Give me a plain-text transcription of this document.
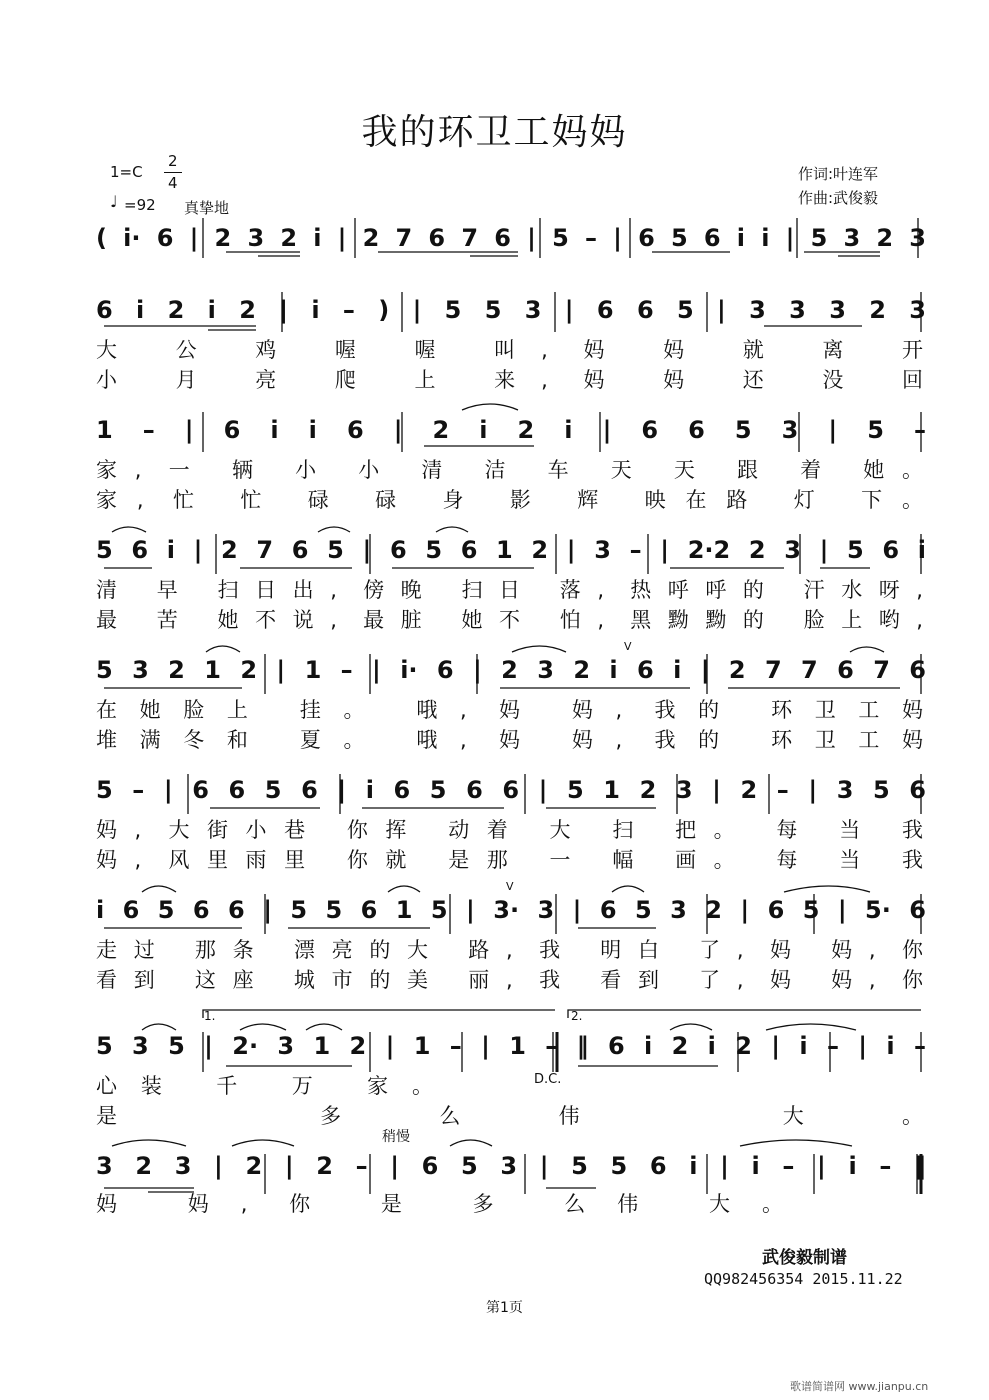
我的环卫工妈妈
1=C
2
4
♩ =92 真挚地
作词:叶连军
作曲:武俊毅
( i· 6 | 2 3 2 i | 2 7 6 7 6 | 5 – | 6 5 6 i i | 5 3 2 3
6 i 2 i 2 | i – ) | 5 5 3 | 6 6 5 | 3 3 3 2 3
大 公 鸡 喔 喔 叫, 妈 妈 就 离 开
小 月 亮 爬 上 来, 妈 妈 还 没 回
1 – | 6 i i 6 | 2 i 2 i | 6 6 5 3 | 5 –
家, 一 辆 小 小 清 洁 车 天 天 跟 着 她。
家, 忙 忙 碌 碌 身 影 辉 映在路 灯 下。
5 6 i | 2 7 6 5 | 6 5 6 1 2 | 3 – | 2·2 2 3 | 5 6 i
清 早 扫日出, 傍晚 扫日 落, 热呼呼的 汗水呀,
最 苦 她不说, 最脏 她不 怕, 黑黝黝的 脸上哟,
5 3 2 1 2 | 1 – | i· 6 | 2 3 2 i 6 i | 2 7 7 6 7 6
在她脸上 挂。 哦, 妈 妈, 我的 环卫工妈
堆满冬和 夏。 哦, 妈 妈, 我的 环卫工妈
5 – | 6 6 5 6 | i 6 5 6 6 | 5 1 2 3 | 2 – | 3 5 6
妈, 大街小巷 你挥 动着 大 扫 把。 每 当 我
妈, 风里雨里 你就 是那 一 幅 画。 每 当 我
i 6 5 6 6 | 5 5 6 1 5 | 3· 3 | 6 5 3 2 | 6 5 | 5· 6
走过 那条 漂亮的大 路, 我 明白 了, 妈 妈, 你
看到 这座 城市的美 丽, 我 看到 了, 妈 妈, 你
5 3 5 | 2· 3 1 2 | 1 – | 1 – ‖ 6 i 2 i 2 | i – | i –
心装 千 万 家。
是 多么伟 大。
3 2 3 | 2 | 2 – | 6 5 3 | 5 5 6 i | i – | i – ‖
妈 妈, 你 是 多 么伟 大。
1.	2.
D.C.
稍慢
V
V
武俊毅制谱
QQ982456354 2015.11.22
第1页
歌谱简谱网 www.jianpu.cn
